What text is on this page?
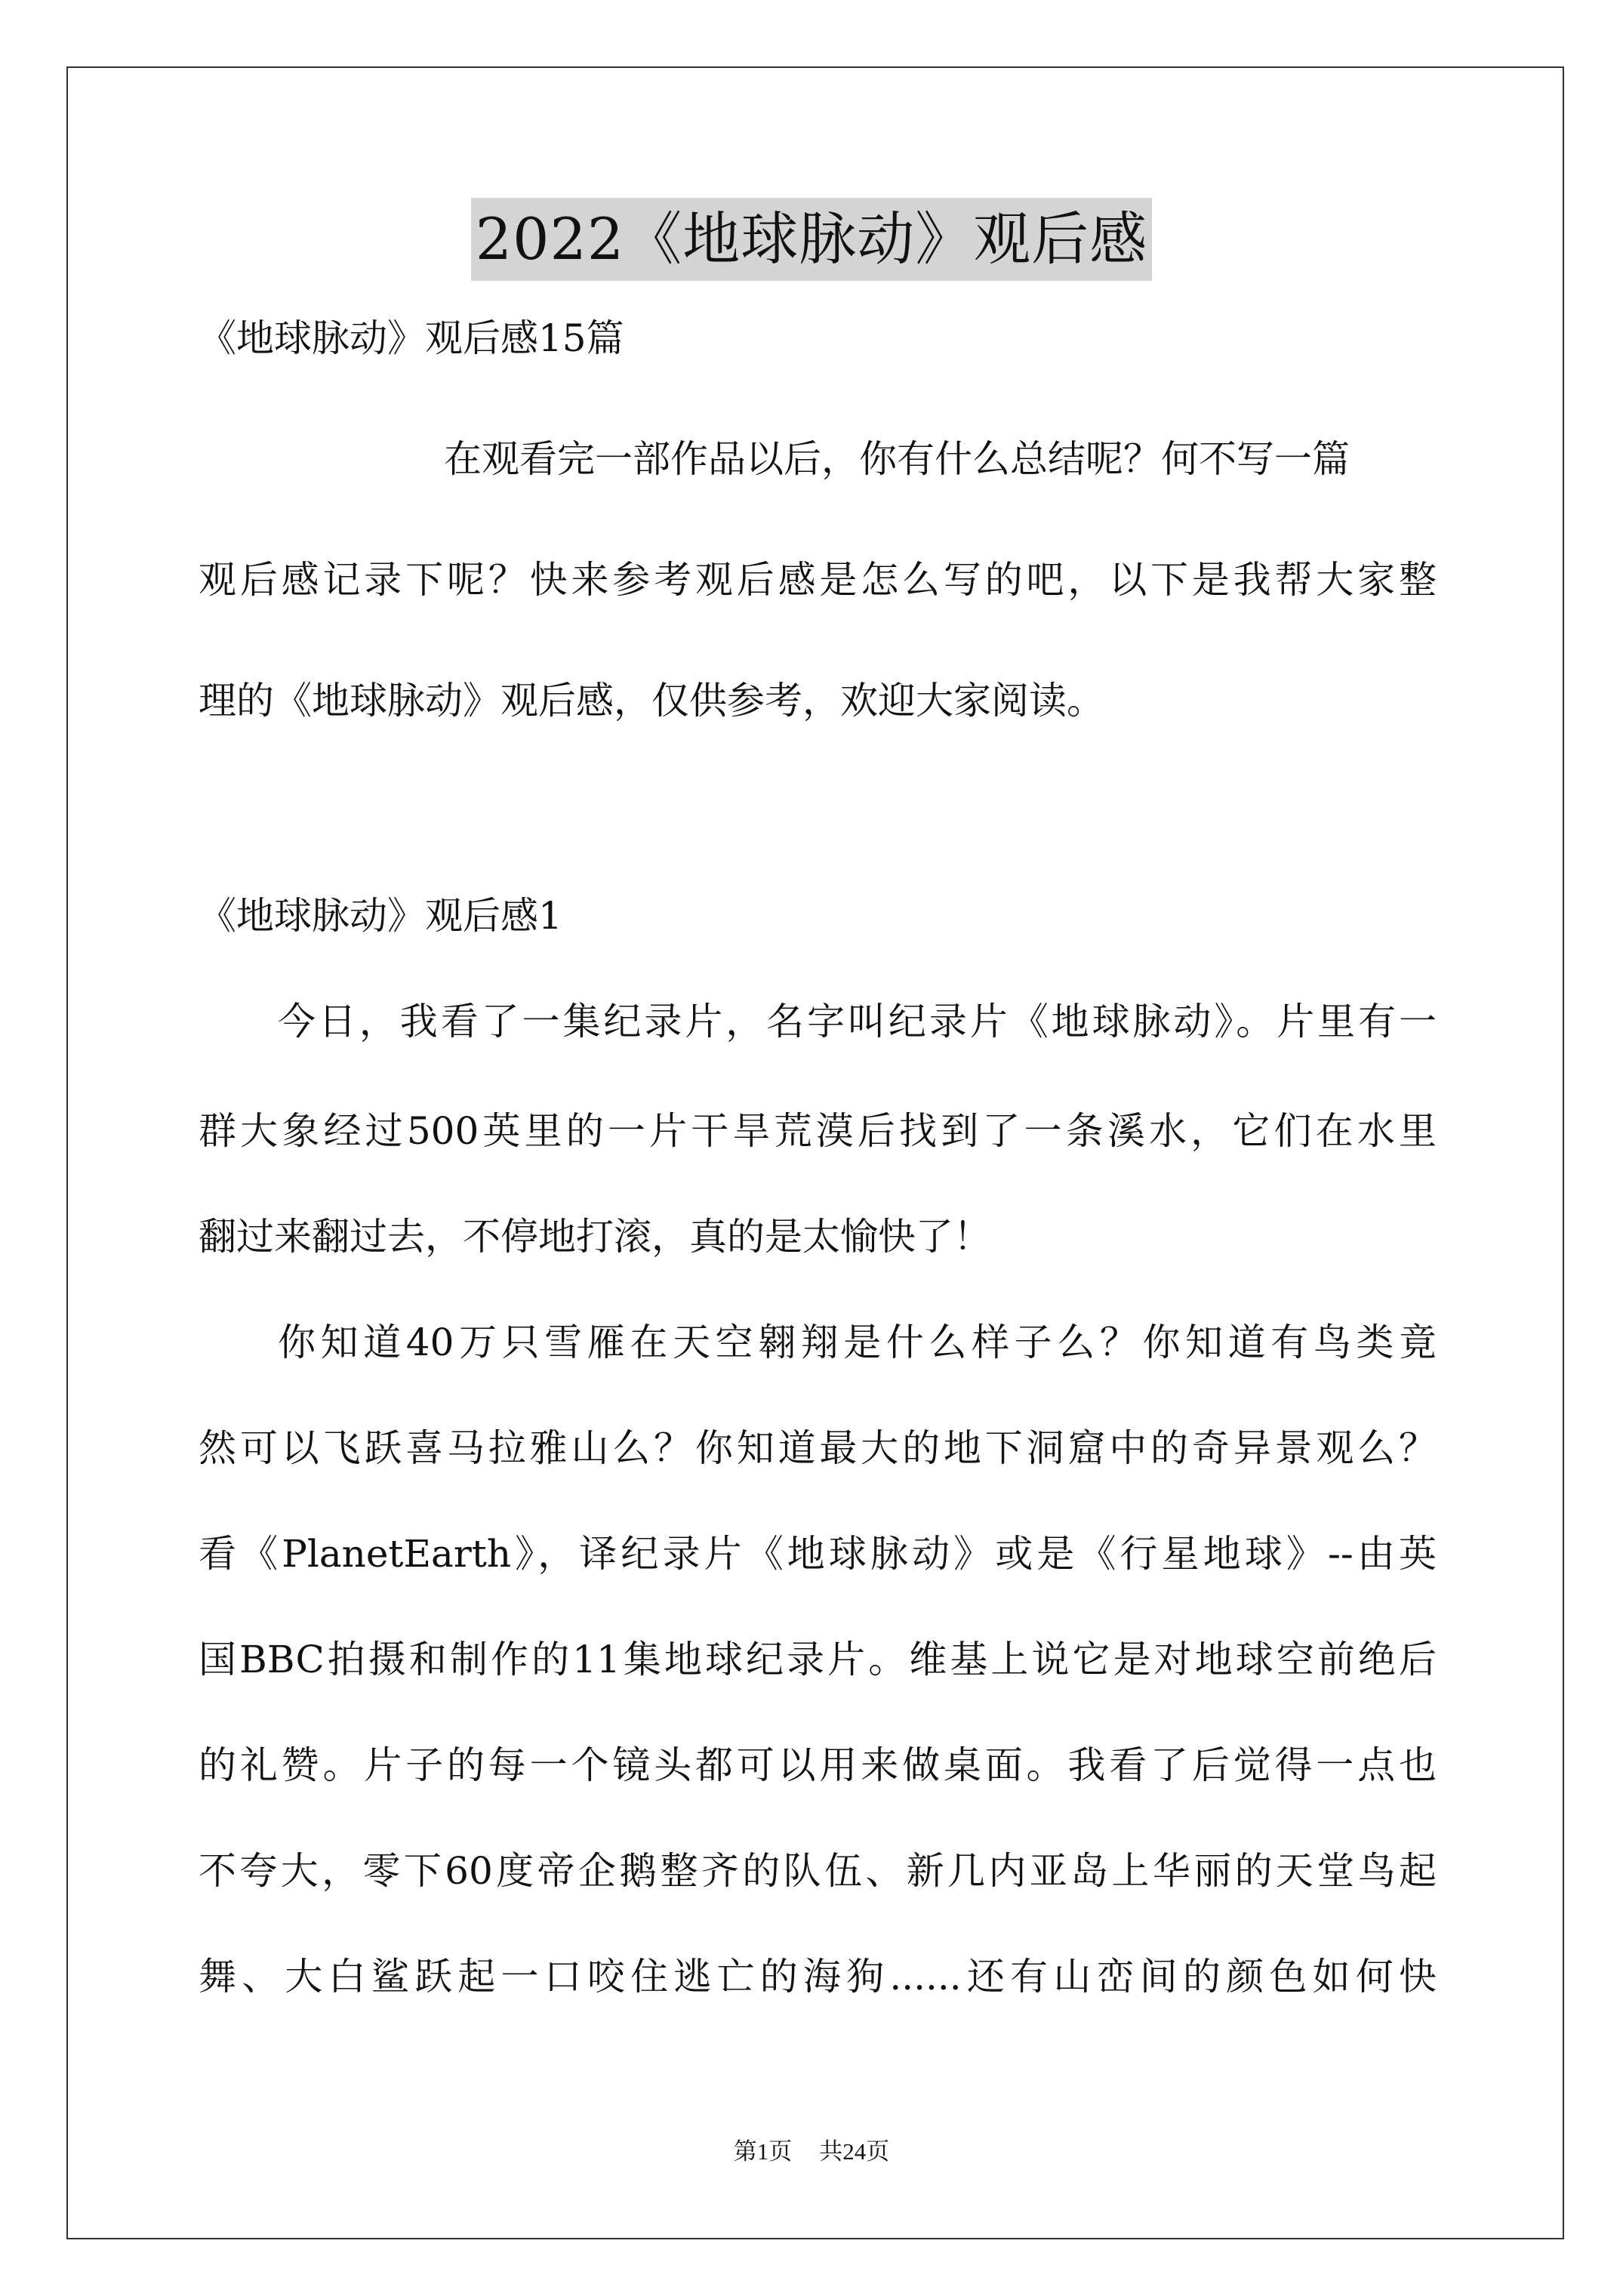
2022《地球脉动》观后感
《地球脉动》观后感15篇
在观看完一部作品以后，你有什么总结呢？何不写一篇
观后感记录下呢？快来参考观后感是怎么写的吧，以下是我帮大家整
理的《地球脉动》观后感，仅供参考，欢迎大家阅读。
《地球脉动》观后感1
今日，我看了一集纪录片，名字叫纪录片《地球脉动》。片里有一
群大象经过500英里的一片干旱荒漠后找到了一条溪水，它们在水里
翻过来翻过去，不停地打滚，真的是太愉快了！
你知道40万只雪雁在天空翱翔是什么样子么？你知道有鸟类竟
然可以飞跃喜马拉雅山么？你知道最大的地下洞窟中的奇异景观么？
看《PlanetEarth》，译纪录片《地球脉动》或是《行星地球》--由英
国BBC拍摄和制作的11集地球纪录片。维基上说它是对地球空前绝后
的礼赞。片子的每一个镜头都可以用来做桌面。我看了后觉得一点也
不夸大，零下60度帝企鹅整齐的队伍、新几内亚岛上华丽的天堂鸟起
舞、大白鲨跃起一口咬住逃亡的海狗......还有山峦间的颜色如何快
第1页 共24页
